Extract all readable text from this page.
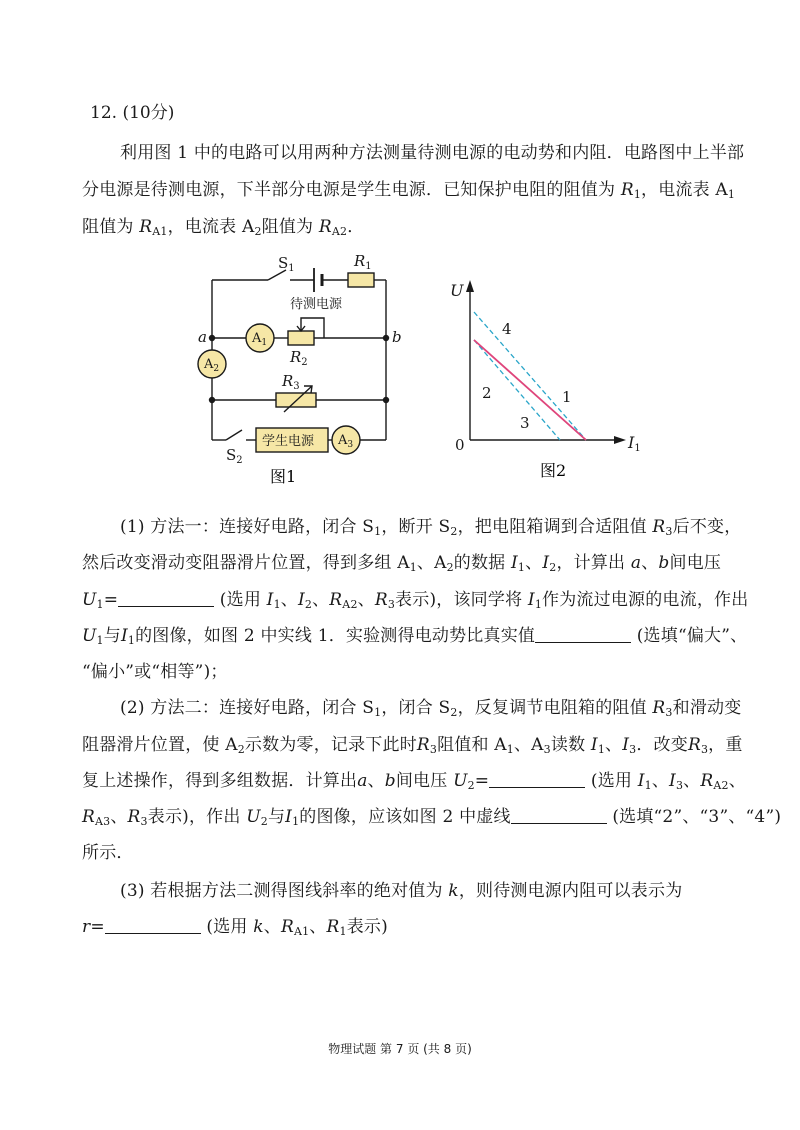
12. (10分)
利用图 1 中的电路可以用两种方法测量待测电源的电动势和内阻．电路图中上半部
分电源是待测电源，下半部分电源是学生电源．已知保护电阻的阻值为 $R_1$，电流表 $A_1$
阻值为 $R_{A1}$，电流表 $A_2$阻值为 $R_{A2}$．
$S_1$	$R_1$
待测电源
a	b
$A_1$
$A_2$
$A_3$
$R_2$
$R_3$
学生电源
$S_2$
图1
U
I1
0
4
2	1
3
图2
(1) 方法一：连接好电路，闭合 $S_1$，断开 $S_2$，把电阻箱调到合适阻值 $R_3$后不变，
然后改变滑动变阻器滑片位置，得到多组 $A_1$、$A_2$的数据 $I_1$、$I_2$，计算出 a、b间电压
$U_1=$	(选用 $I_1$、$I_2$、$R_{A2}$、$R_3$表示)，该同学将 $I_1$作为流过电源的电流，作出
$U_1$与$I_1$的图像，如图 2 中实线 1．实验测得电动势比真实值	(选填“偏大”、
“偏小”或“相等”)；
(2) 方法二：连接好电路，闭合 $S_1$，闭合 $S_2$，反复调节电阻箱的阻值 $R_3$和滑动变
阻器滑片位置，使 $A_2$示数为零，记录下此时$R_3$阻值和 $A_1$、$A_3$读数 $I_1$、$I_3$．改变$R_3$，重
复上述操作，得到多组数据．计算出a、b间电压 $U_2=$	(选用 $I_1$、$I_3$、$R_{A2}$、
$R_{A3}$、$R_3$表示)，作出 $U_2$与$I_1$的图像，应该如图 2 中虚线	(选填“2”、“3”、“4”)
所示．
(3) 若根据方法二测得图线斜率的绝对值为 k，则待测电源内阻可以表示为
r=	(选用 k、$R_{A1}$、$R_1$表示)
物理试题 第 7 页 (共 8 页)
